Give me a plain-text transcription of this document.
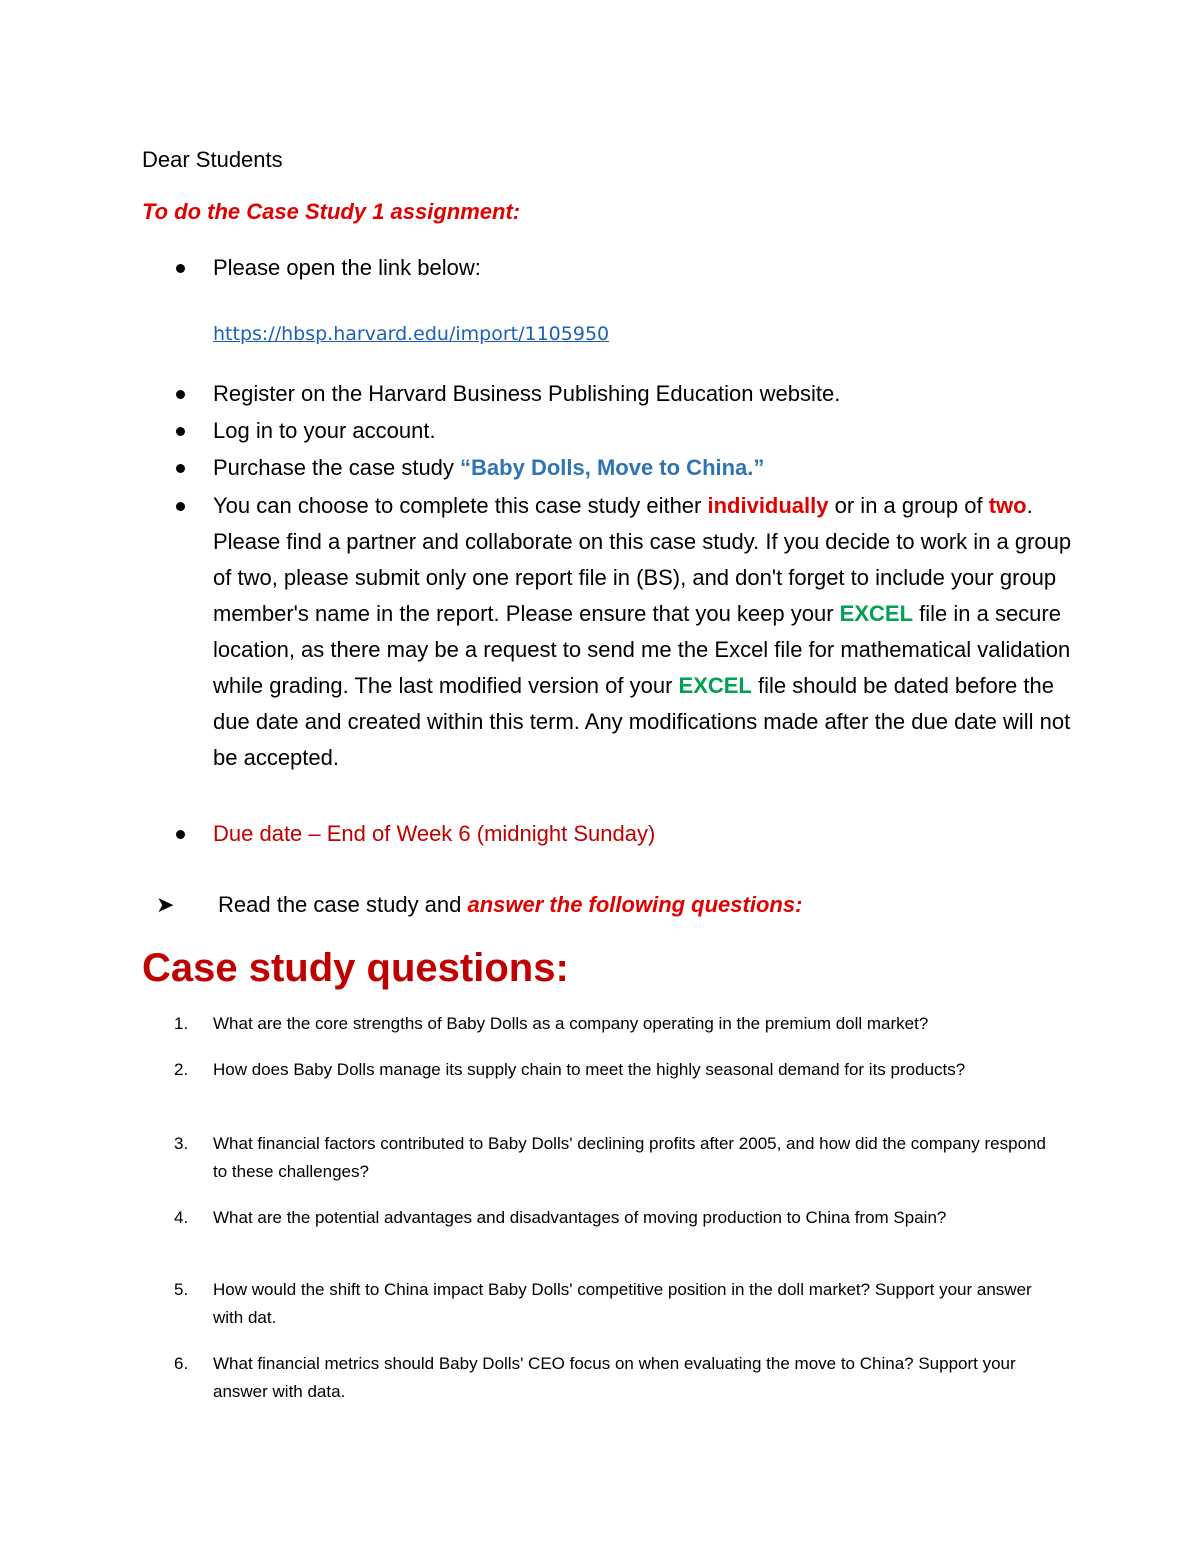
Dear Students
To do the Case Study 1 assignment:
Please open the link below:
https://hbsp.harvard.edu/import/1105950
Register on the Harvard Business Publishing Education website.
Log in to your account.
Purchase the case study “Baby Dolls, Move to China.”
You can choose to complete this case study either individually or in a group of two. Please find a partner and collaborate on this case study. If you decide to work in a group of two, please submit only one report file in (BS), and don't forget to include your group member's name in the report. Please ensure that you keep your EXCEL file in a secure location, as there may be a request to send me the Excel file for mathematical validation while grading. The last modified version of your EXCEL file should be dated before the due date and created within this term. Any modifications made after the due date will not be accepted.
Due date – End of Week 6 (midnight Sunday)
➤ Read the case study and answer the following questions:
Case study questions:
1. What are the core strengths of Baby Dolls as a company operating in the premium doll market?
2. How does Baby Dolls manage its supply chain to meet the highly seasonal demand for its products?
3. What financial factors contributed to Baby Dolls' declining profits after 2005, and how did the company respond to these challenges?
4. What are the potential advantages and disadvantages of moving production to China from Spain?
5. How would the shift to China impact Baby Dolls' competitive position in the doll market? Support your answer with dat.
6. What financial metrics should Baby Dolls' CEO focus on when evaluating the move to China? Support your answer with data.
